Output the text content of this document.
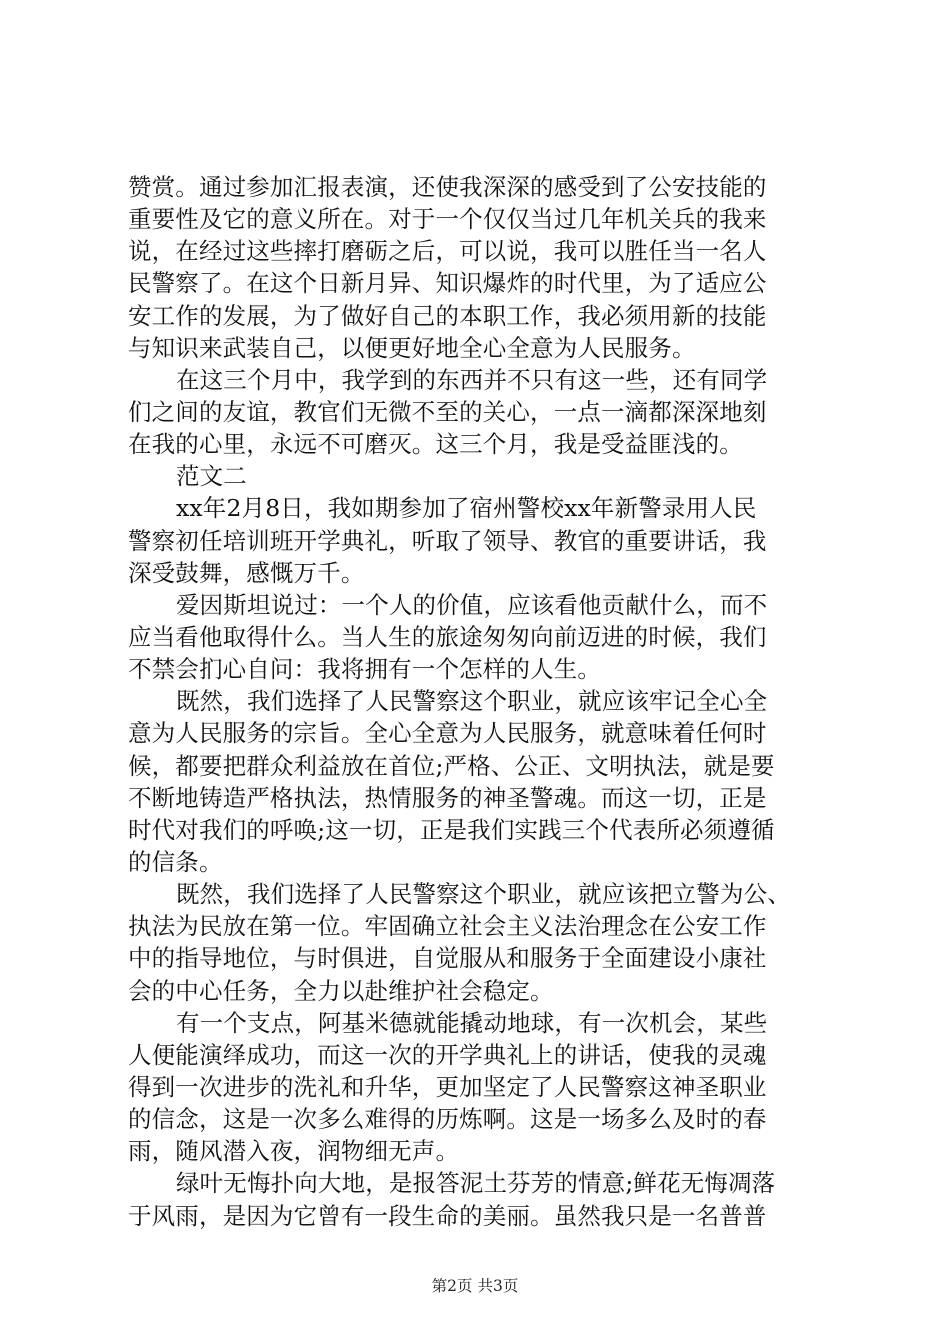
赞赏。通过参加汇报表演，还使我深深的感受到了公安技能的
重要性及它的意义所在。对于一个仅仅当过几年机关兵的我来
说，在经过这些摔打磨砺之后，可以说，我可以胜任当一名人
民警察了。在这个日新月异、知识爆炸的时代里，为了适应公
安工作的发展，为了做好自己的本职工作，我必须用新的技能
与知识来武装自己，以便更好地全心全意为人民服务。
在这三个月中，我学到的东西并不只有这一些，还有同学
们之间的友谊，教官们无微不至的关心，一点一滴都深深地刻
在我的心里，永远不可磨灭。这三个月，我是受益匪浅的。
范文二
xx年2月8日，我如期参加了宿州警校xx年新警录用人民
警察初任培训班开学典礼，听取了领导、教官的重要讲话，我
深受鼓舞，感慨万千。
爱因斯坦说过：一个人的价值，应该看他贡献什么，而不
应当看他取得什么。当人生的旅途匆匆向前迈进的时候，我们
不禁会扪心自问：我将拥有一个怎样的人生。
既然，我们选择了人民警察这个职业，就应该牢记全心全
意为人民服务的宗旨。全心全意为人民服务，就意味着任何时
候，都要把群众利益放在首位;严格、公正、文明执法，就是要
不断地铸造严格执法，热情服务的神圣警魂。而这一切，正是
时代对我们的呼唤;这一切，正是我们实践三个代表所必须遵循
的信条。
既然，我们选择了人民警察这个职业，就应该把立警为公、
执法为民放在第一位。牢固确立社会主义法治理念在公安工作
中的指导地位，与时俱进，自觉服从和服务于全面建设小康社
会的中心任务，全力以赴维护社会稳定。
有一个支点，阿基米德就能撬动地球，有一次机会，某些
人便能演绎成功，而这一次的开学典礼上的讲话，使我的灵魂
得到一次进步的洗礼和升华，更加坚定了人民警察这神圣职业
的信念，这是一次多么难得的历炼啊。这是一场多么及时的春
雨，随风潜入夜，润物细无声。
绿叶无悔扑向大地，是报答泥土芬芳的情意;鲜花无悔凋落
于风雨，是因为它曾有一段生命的美丽。虽然我只是一名普普
第2页 共3页
